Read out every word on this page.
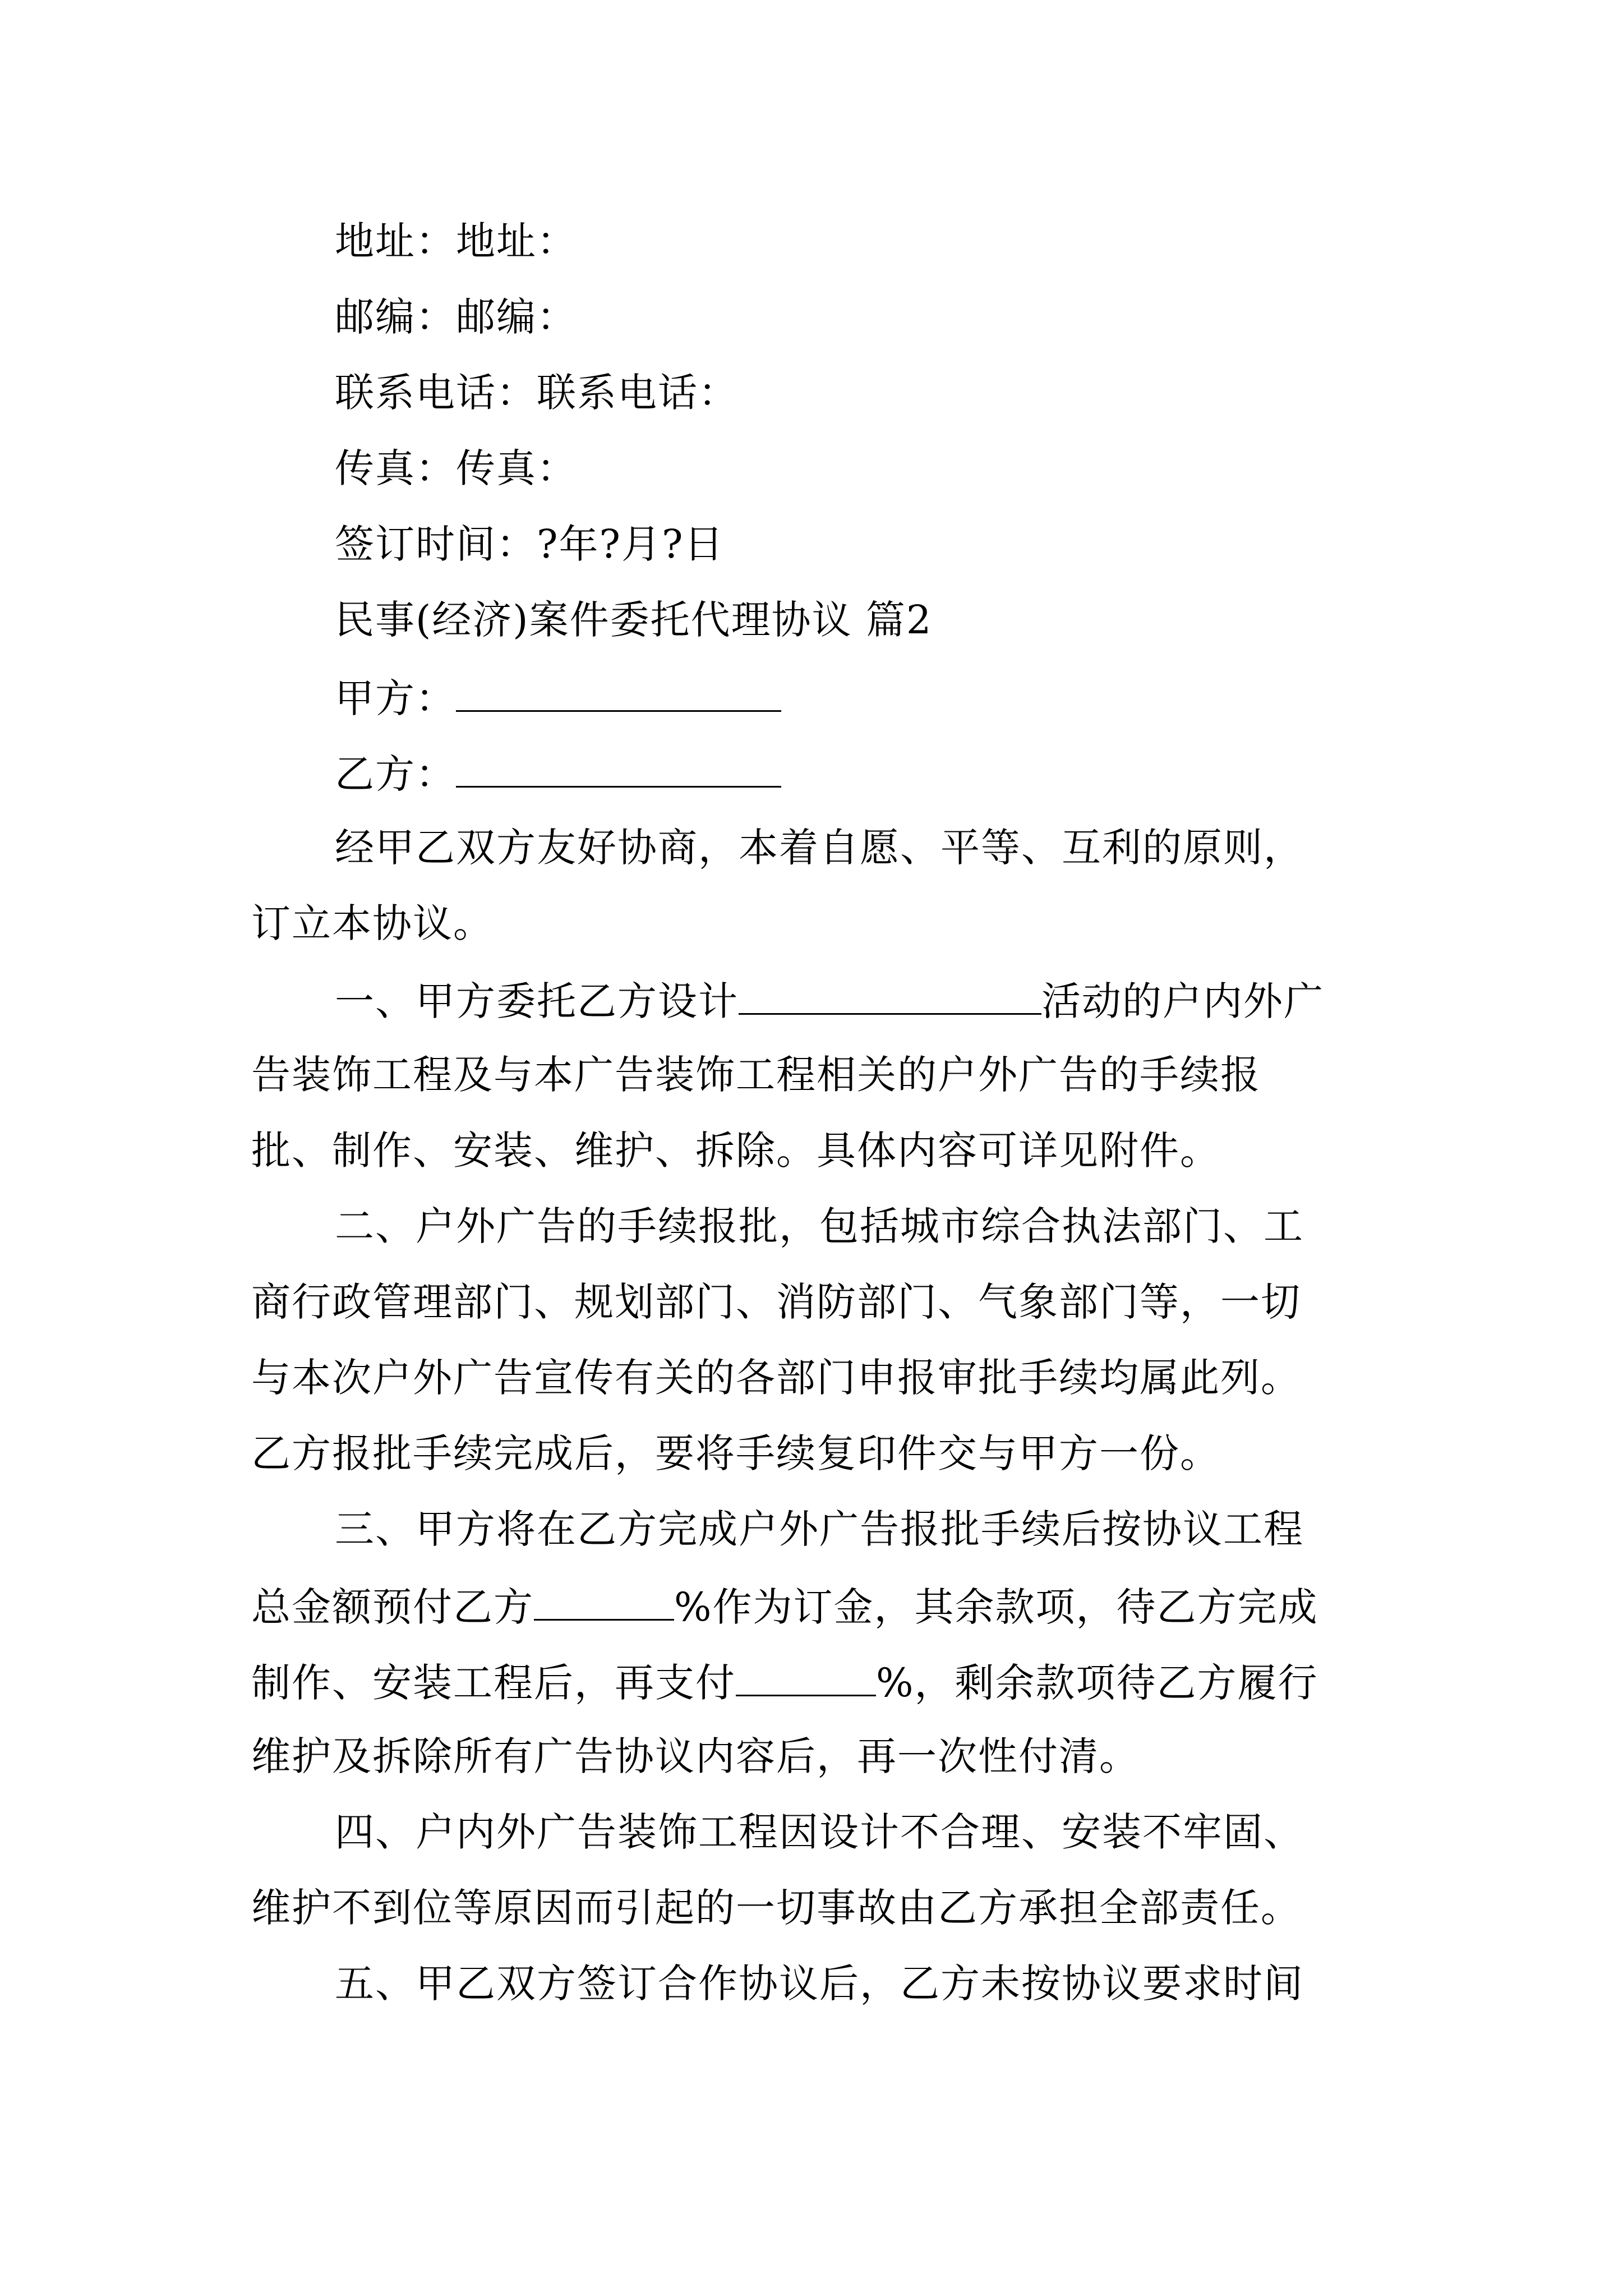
地址：地址：
邮编：邮编：
联系电话：联系电话：
传真：传真：
签订时间：?年?月?日
民事(经济)案件委托代理协议 篇2
甲方：
乙方：
经甲乙双方友好协商，本着自愿、平等、互利的原则，
订立本协议。
一、甲方委托乙方设计	活动的户内外广
告装饰工程及与本广告装饰工程相关的户外广告的手续报
批、制作、安装、维护、拆除。具体内容可详见附件。
二、户外广告的手续报批，包括城市综合执法部门、工
商行政管理部门、规划部门、消防部门、气象部门等，一切
与本次户外广告宣传有关的各部门申报审批手续均属此列。
乙方报批手续完成后，要将手续复印件交与甲方一份。
三、甲方将在乙方完成户外广告报批手续后按协议工程
总金额预付乙方	%作为订金，其余款项，待乙方完成
制作、安装工程后，再支付	%，剩余款项待乙方履行
维护及拆除所有广告协议内容后，再一次性付清。
四、户内外广告装饰工程因设计不合理、安装不牢固、
维护不到位等原因而引起的一切事故由乙方承担全部责任。
五、甲乙双方签订合作协议后，乙方未按协议要求时间
